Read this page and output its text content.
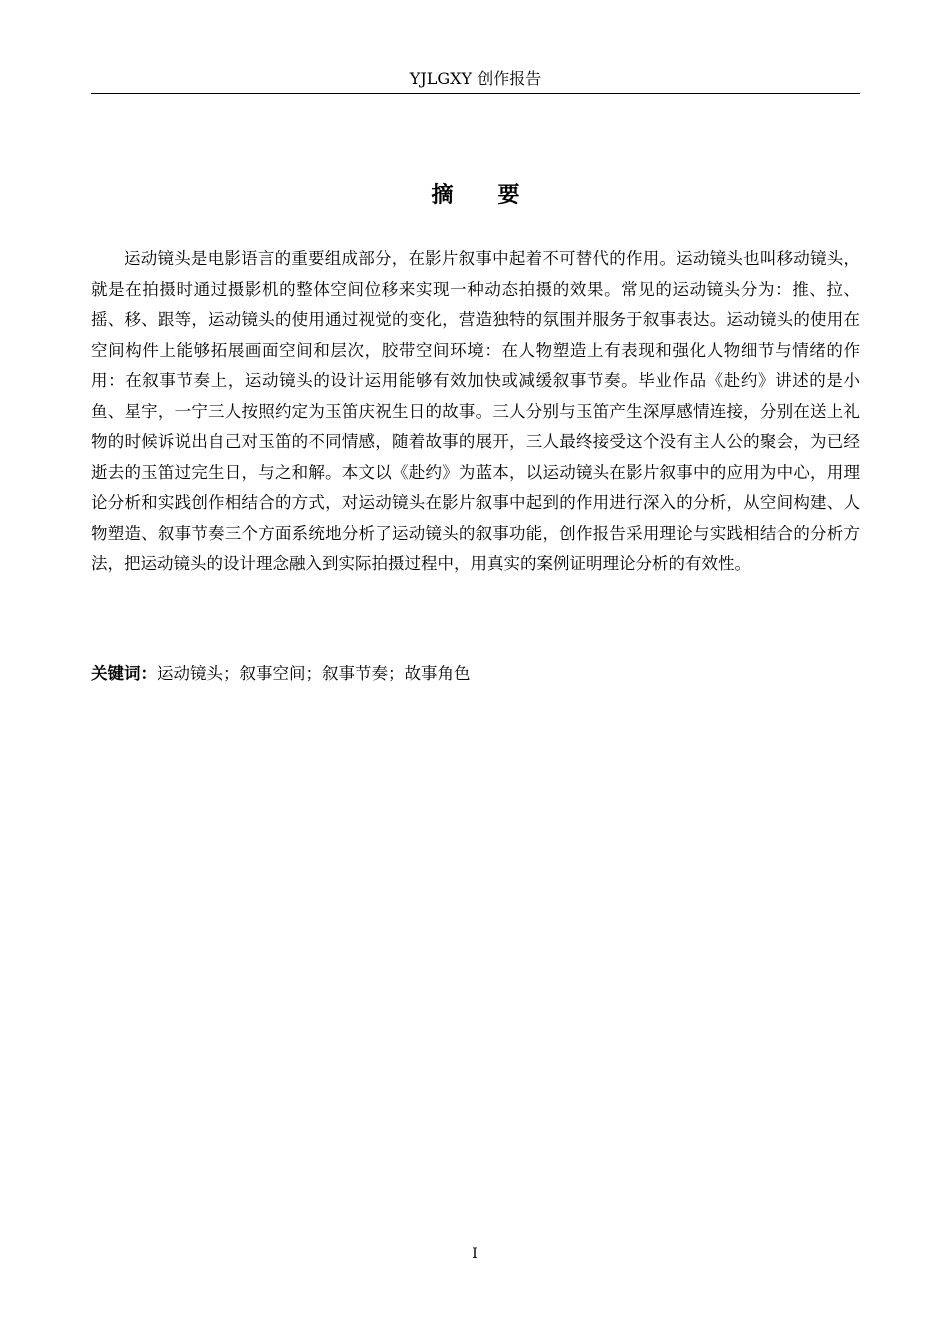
YJLGXY 创作报告
摘要

运动镜头是电影语言的重要组成部分，在影片叙事中起着不可替代的作用。运动镜头也叫移动镜头，就是在拍摄时通过摄影机的整体空间位移来实现一种动态拍摄的效果。常见的运动镜头分为：推、拉、摇、移、跟等，运动镜头的使用通过视觉的变化，营造独特的氛围并服务于叙事表达。运动镜头的使用在空间构件上能够拓展画面空间和层次，胶带空间环境：在人物塑造上有表现和强化人物细节与情绪的作用：在叙事节奏上，运动镜头的设计运用能够有效加快或减缓叙事节奏。毕业作品《赴约》讲述的是小鱼、星宇，一宁三人按照约定为玉笛庆祝生日的故事。三人分别与玉笛产生深厚感情连接，分别在送上礼物的时候诉说出自己对玉笛的不同情感，随着故事的展开，三人最终接受这个没有主人公的聚会，为已经逝去的玉笛过完生日，与之和解。本文以《赴约》为蓝本，以运动镜头在影片叙事中的应用为中心，用理论分析和实践创作相结合的方式，对运动镜头在影片叙事中起到的作用进行深入的分析，从空间构建、人物塑造、叙事节奏三个方面系统地分析了运动镜头的叙事功能，创作报告采用理论与实践相结合的分析方法，把运动镜头的设计理念融入到实际拍摄过程中，用真实的案例证明理论分析的有效性。

关键词：运动镜头；叙事空间；叙事节奏；故事角色
I
